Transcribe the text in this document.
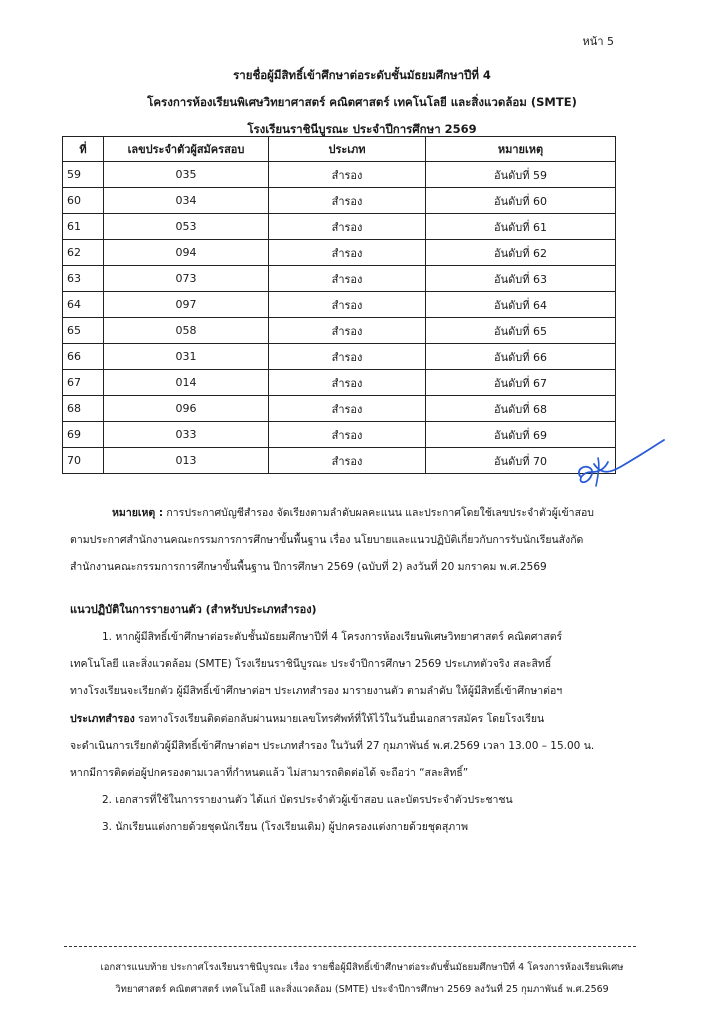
หน้า 5
รายชื่อผู้มีสิทธิ์เข้าศึกษาต่อระดับชั้นมัธยมศึกษาปีที่ 4
โครงการห้องเรียนพิเศษวิทยาศาสตร์ คณิตศาสตร์ เทคโนโลยี และสิ่งแวดล้อม (SMTE)
โรงเรียนราชินีบูรณะ ประจำปีการศึกษา 2569
ที่	เลขประจำตัวผู้สมัครสอบ	ประเภท	หมายเหตุ
59	035	สำรอง	อันดับที่ 59
60	034	สำรอง	อันดับที่ 60
61	053	สำรอง	อันดับที่ 61
62	094	สำรอง	อันดับที่ 62
63	073	สำรอง	อันดับที่ 63
64	097	สำรอง	อันดับที่ 64
65	058	สำรอง	อันดับที่ 65
66	031	สำรอง	อันดับที่ 66
67	014	สำรอง	อันดับที่ 67
68	096	สำรอง	อันดับที่ 68
69	033	สำรอง	อันดับที่ 69
70	013	สำรอง	อันดับที่ 70
หมายเหตุ : การประกาศบัญชีสำรอง จัดเรียงตามลำดับผลคะแนน และประกาศโดยใช้เลขประจำตัวผู้เข้าสอบ
ตามประกาศสำนักงานคณะกรรมการการศึกษาขั้นพื้นฐาน เรื่อง นโยบายและแนวปฏิบัติเกี่ยวกับการรับนักเรียนสังกัด
สำนักงานคณะกรรมการการศึกษาขั้นพื้นฐาน ปีการศึกษา 2569 (ฉบับที่ 2) ลงวันที่ 20 มกราคม พ.ศ.2569
แนวปฏิบัติในการรายงานตัว (สำหรับประเภทสำรอง)
1. หากผู้มีสิทธิ์เข้าศึกษาต่อระดับชั้นมัธยมศึกษาปีที่ 4 โครงการห้องเรียนพิเศษวิทยาศาสตร์ คณิตศาสตร์
เทคโนโลยี และสิ่งแวดล้อม (SMTE) โรงเรียนราชินีบูรณะ ประจำปีการศึกษา 2569 ประเภทตัวจริง สละสิทธิ์
ทางโรงเรียนจะเรียกตัว ผู้มีสิทธิ์เข้าศึกษาต่อฯ ประเภทสำรอง มารายงานตัว ตามลำดับ ให้ผู้มีสิทธิ์เข้าศึกษาต่อฯ
ประเภทสำรอง รอทางโรงเรียนติดต่อกลับผ่านหมายเลขโทรศัพท์ที่ให้ไว้ในวันยื่นเอกสารสมัคร โดยโรงเรียน
จะดำเนินการเรียกตัวผู้มีสิทธิ์เข้าศึกษาต่อฯ ประเภทสำรอง ในวันที่ 27 กุมภาพันธ์ พ.ศ.2569 เวลา 13.00 – 15.00 น.
หากมีการติดต่อผู้ปกครองตามเวลาที่กำหนดแล้ว ไม่สามารถติดต่อได้ จะถือว่า “สละสิทธิ์”
2. เอกสารที่ใช้ในการรายงานตัว ได้แก่ บัตรประจำตัวผู้เข้าสอบ และบัตรประจำตัวประชาชน
3. นักเรียนแต่งกายด้วยชุดนักเรียน (โรงเรียนเดิม) ผู้ปกครองแต่งกายด้วยชุดสุภาพ
เอกสารแนบท้าย ประกาศโรงเรียนราชินีบูรณะ เรื่อง รายชื่อผู้มีสิทธิ์เข้าศึกษาต่อระดับชั้นมัธยมศึกษาปีที่ 4 โครงการห้องเรียนพิเศษ
วิทยาศาสตร์ คณิตศาสตร์ เทคโนโลยี และสิ่งแวดล้อม (SMTE) ประจำปีการศึกษา 2569 ลงวันที่ 25 กุมภาพันธ์ พ.ศ.2569
